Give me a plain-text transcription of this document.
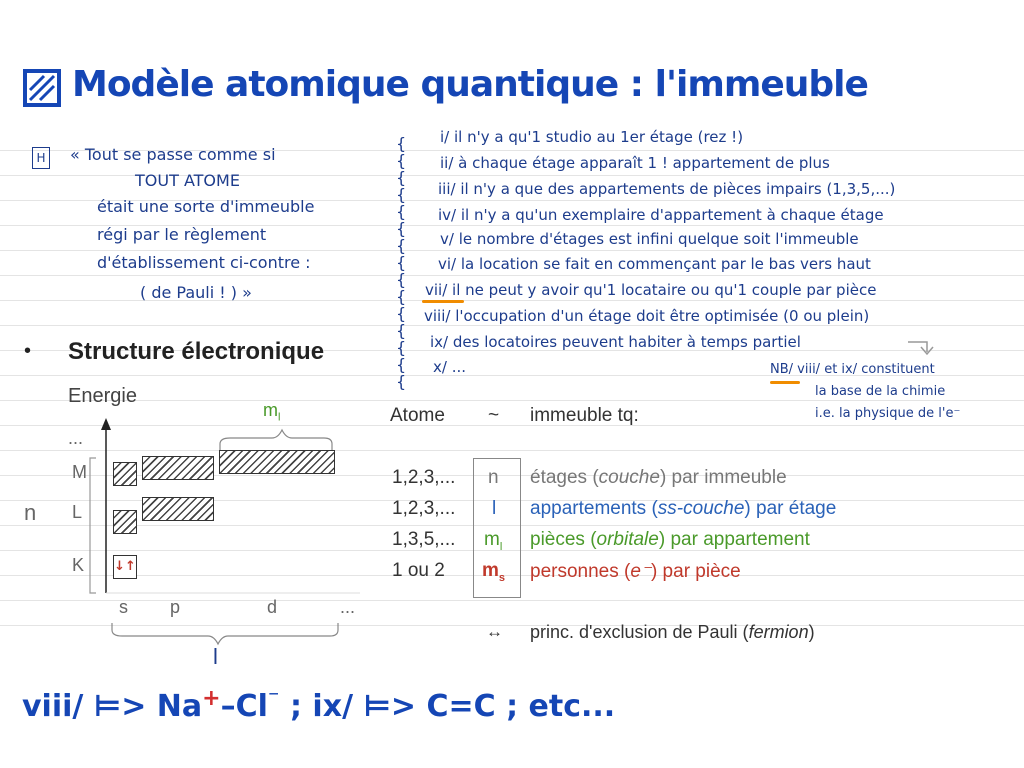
Modèle atomique quantique : l'immeuble
H « Tout se passe comme si
TOUT ATOME
était une sorte d'immeuble
régi par le règlement
d'établissement ci-contre :
( de Pauli ! ) »
{
{
{
{
{
{
{
{
{
{
{
{
{
{
{
i/ il n'y a qu'1 studio au 1er étage (rez !)
ii/ à chaque étage apparaît 1 ! appartement de plus
iii/ il n'y a que des appartements de pièces impairs (1,3,5,...)
iv/ il n'y a qu'un exemplaire d'appartement à chaque étage
v/ le nombre d'étages est infini quelque soit l'immeuble
vi/ la location se fait en commençant par le bas vers haut
vii/ il ne peut y avoir qu'1 locataire ou qu'1 couple par pièce
viii/ l'occupation d'un étage doit être optimisée (0 ou plein)
ix/ des locatoires peuvent habiter à temps partiel
x/ ...	NB/ viii/ et ix/ constituent
la base de la chimie
i.e. la physique de l'e⁻
• Structure électronique
Energie
...
n
M
L
K ↓↑
$m_l$
s p	d	...
l
Atome ~ immeuble tq:
1,2,3,... n étages (couche) par immeuble
1,2,3,... l appartements (ss-couche) par étage
1,3,5,... $m_l$ pièces (orbitale) par appartement
1 ou 2 $m_s$ personnes (e⁻) par pièce
↔ princ. d'exclusion de Pauli (fermion)
viii/ ⊨> Na+–Cl⁻ ; ix/ ⊨> C=C ; etc...
